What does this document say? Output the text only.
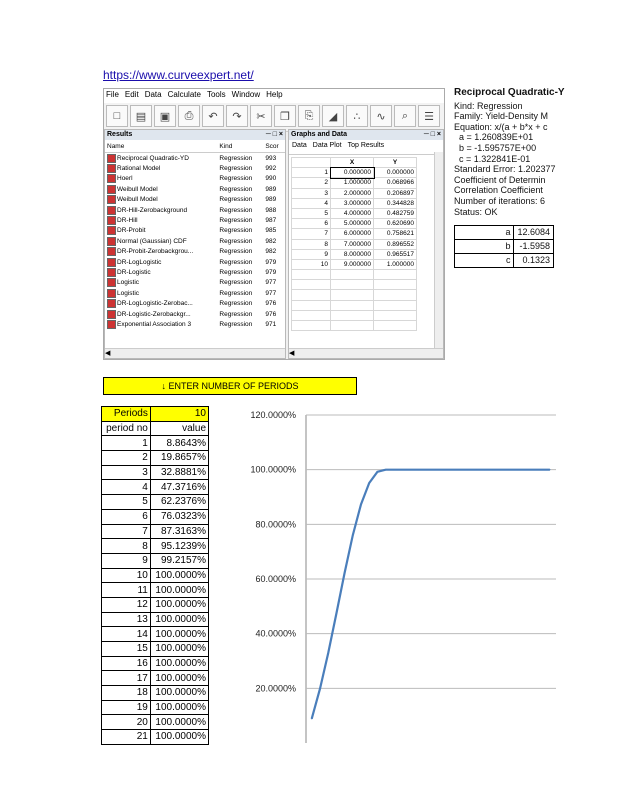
https://www.curveexpert.net/
File Edit Data Calculate Tools Window Help
□	▤	▣	⎙	↶	↷	✂	❐	⎘	◢	∴	∿	⌕	☰
Results	─ □ ×
Name	Kind	Scor
Reciprocal Quadratic-YD	Regression	993
Rational Model	Regression	992
Hoerl	Regression	990
Weibull Model	Regression	989
Weibull Model	Regression	989
DR-Hill-Zerobackground	Regression	988
DR-Hill	Regression	987
DR-Probit	Regression	985
Normal (Gaussian) CDF	Regression	982
DR-Probit-Zerobackgrou...	Regression	982
DR-LogLogistic	Regression	979
DR-Logistic	Regression	979
Logistic	Regression	977
Logistic	Regression	977
DR-LogLogistic-Zerobac...	Regression	976
DR-Logistic-Zerobackgr...	Regression	976
Exponential Association 3	Regression	971
◀
Graphs and Data	─ □ ×
Data Data Plot Top Results
	X	Y
1	0.000000	0.000000
2	1.000000	0.068966
3	2.000000	0.206897
4	3.000000	0.344828
5	4.000000	0.482759
6	5.000000	0.620690
7	6.000000	0.758621
8	7.000000	0.896552
9	8.000000	0.965517
10	9.000000	1.000000

◀
Reciprocal Quadratic-Y
Kind: Regression
Family: Yield-Density M
Equation: x/(a + b*x + c
a = 1.260839E+01
b = -1.595757E+00
c = 1.322841E-01
Standard Error: 1.202377
Coefficient of Determin
Correlation Coefficient
Number of iterations: 6
Status: OK
a	12.6084
b	-1.5958
c	0.1323
↓ ENTER NUMBER OF PERIODS
Periods	10
period no	value
1	8.8643%
2	19.8657%
3	32.8881%
4	47.3716%
5	62.2376%
6	76.0323%
7	87.3163%
8	95.1239%
9	99.2157%
10	100.0000%
11	100.0000%
12	100.0000%
13	100.0000%
14	100.0000%
15	100.0000%
16	100.0000%
17	100.0000%
18	100.0000%
19	100.0000%
20	100.0000%
21	100.0000%
20.0000%
40.0000%
60.0000%
80.0000%
100.0000%
120.0000%
